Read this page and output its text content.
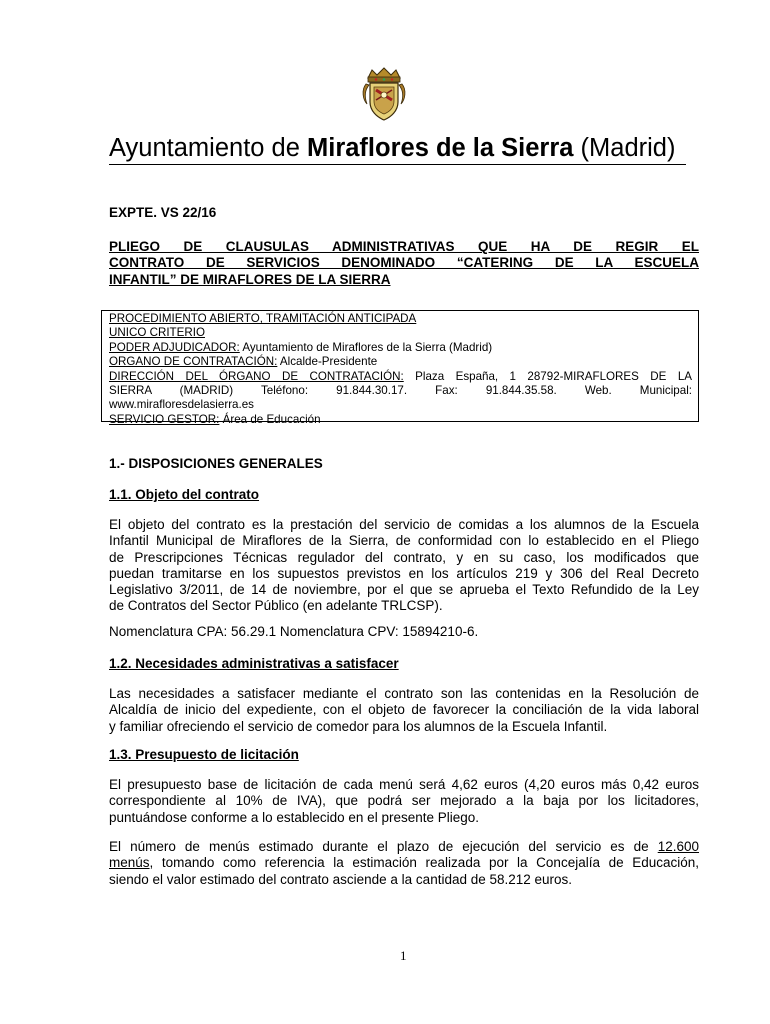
Ayuntamiento de Miraflores de la Sierra (Madrid)
EXPTE. VS 22/16
PLIEGO DE CLAUSULAS ADMINISTRATIVAS QUE HA DE REGIR EL
CONTRATO DE SERVICIOS DENOMINADO “CATERING DE LA ESCUELA
INFANTIL” DE MIRAFLORES DE LA SIERRA
PROCEDIMIENTO ABIERTO, TRAMITACIÓN ANTICIPADA
UNICO CRITERIO
PODER ADJUDICADOR: Ayuntamiento de Miraflores de la Sierra (Madrid)
ORGANO DE CONTRATACIÓN: Alcalde-Presidente
DIRECCIÓN DEL ÓRGANO DE CONTRATACIÓN: Plaza España, 1 28792-MIRAFLORES DE LA
SIERRA (MADRID) Teléfono: 91.844.30.17. Fax: 91.844.35.58. Web. Municipal:
www.mirafloresdelasierra.es
SERVICIO GESTOR: Área de Educación
1.- DISPOSICIONES GENERALES
1.1. Objeto del contrato
El objeto del contrato es la prestación del servicio de comidas a los alumnos de la Escuela
Infantil Municipal de Miraflores de la Sierra, de conformidad con lo establecido en el Pliego
de Prescripciones Técnicas regulador del contrato, y en su caso, los modificados que
puedan tramitarse en los supuestos previstos en los artículos 219 y 306 del Real Decreto
Legislativo 3/2011, de 14 de noviembre, por el que se aprueba el Texto Refundido de la Ley
de Contratos del Sector Público (en adelante TRLCSP).
Nomenclatura CPA: 56.29.1 Nomenclatura CPV: 15894210-6.
1.2. Necesidades administrativas a satisfacer
Las necesidades a satisfacer mediante el contrato son las contenidas en la Resolución de
Alcaldía de inicio del expediente, con el objeto de favorecer la conciliación de la vida laboral
y familiar ofreciendo el servicio de comedor para los alumnos de la Escuela Infantil.
1.3. Presupuesto de licitación
El presupuesto base de licitación de cada menú será 4,62 euros (4,20 euros más 0,42 euros
correspondiente al 10% de IVA), que podrá ser mejorado a la baja por los licitadores,
puntuándose conforme a lo establecido en el presente Pliego.
El número de menús estimado durante el plazo de ejecución del servicio es de 12.600
menús, tomando como referencia la estimación realizada por la Concejalía de Educación,
siendo el valor estimado del contrato asciende a la cantidad de 58.212 euros.
1
